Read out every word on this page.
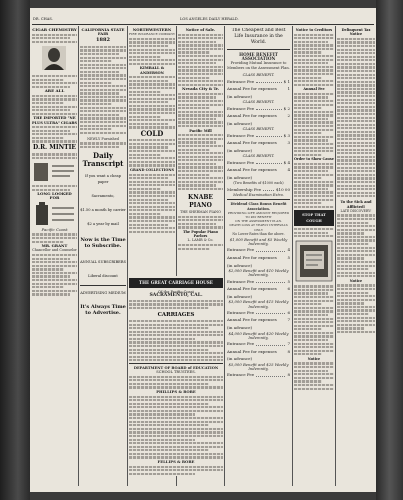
DR. CHAS.	LOS ANGELES DAILY HERALD.
CIGAR CHEMISTRY
ARE ALL
THE IMPORTED "NE PLUS ULTRA" CIGARS
D.R. MINTIE
LONG LOOKED FOR
Pacific Coast
MR. GRANT
Chancellor and Counselor
CALIFORNIA STATE FAIR
1882
NEWLY Furnished
Daily Transcript
If you want a cheap paper
Sacramento,
$1.50 a month by carrier
$2 a year by mail
Now is the Time to Subscribe.
ANNUAL SUBSCRIBERS
Liberal discount
ADVERTISING MEDIUM
It's Always Time to Advertise.
NORTHWESTERN
FIRE INSURANCE COMPANY
KIMBALL & ANDERSON
COLD
GRAND COLLECTIONS
Notice of Sale.
Nevada City & Tr.
Pacific Mill
KNABE PIANO
THE SHERMAN PIANO
The Popular Piano Parlors
L. LAMB & Co.
THE GREAT CARRIAGE HOUSE
Of the Pacific Coast
SACRAMENTO, CAL.
CARRIAGES
DEPARTMENT OF BOARD of EDUCATION
SCHOOL TRUSTEES.
PHILLIPS & ROBE
FELLIPS & ROBE
The Cheapest and Best Life Insurance in the World.
HOME BENEFIT ASSOCIATION
Providing Mutual Insurance to Members on the Assessment Plan.
CLASS BENEFIT.
Entrance Fee	$ 1
Annual Fee for expenses (in advance)
1
CLASS BENEFIT.
Entrance Fee	$ 2
Annual Fee for expenses (in advance)
2
CLASS BENEFIT.
Entrance Fee	$ 3
Annual Fee for expenses (in advance)
3
CLASS BENEFIT.
Entrance Fee	$ 4
Annual Fee for expenses (in advance)
4
(Two Benefits of $1000 each)
Membership Fee	$10 00
Medical Examination Extra.
Dividend Class Bonus Benefit Association.
PROVIDING LIFE AMOUNT REQUIRED TO PAY BENEFIT
ON THE ASSESSMENT PLAN.
DEATH LOSS AT YEARLY INTERVALS ONLY
No Lower Rates than the above.
$1,000 Benefit and $5 Weekly Indemnity,
Entrance Fee	4
Annual Fee for expenses (in advance)
5
$2,000 Benefit and $10 Weekly Indemnity,
Entrance Fee	5
Annual Fee for expenses (in advance)
6
$3,000 Benefit and $15 Weekly Indemnity,
Entrance Fee	6
Annual Fee for expenses (in advance)
7
$4,000 Benefit and $20 Weekly Indemnity,
Entrance Fee	7
Annual Fee for expenses (in advance)
8
$5,000 Benefit and $25 Weekly Indemnity,
Entrance Fee	8
Notice to Creditors
Annual Fee
Order to Show Cause
STOP THAT COUGH
Notice
Delinquent Tax Notice
To the Sick and Afflicted!
LATE DISCOVERY!
Notice
